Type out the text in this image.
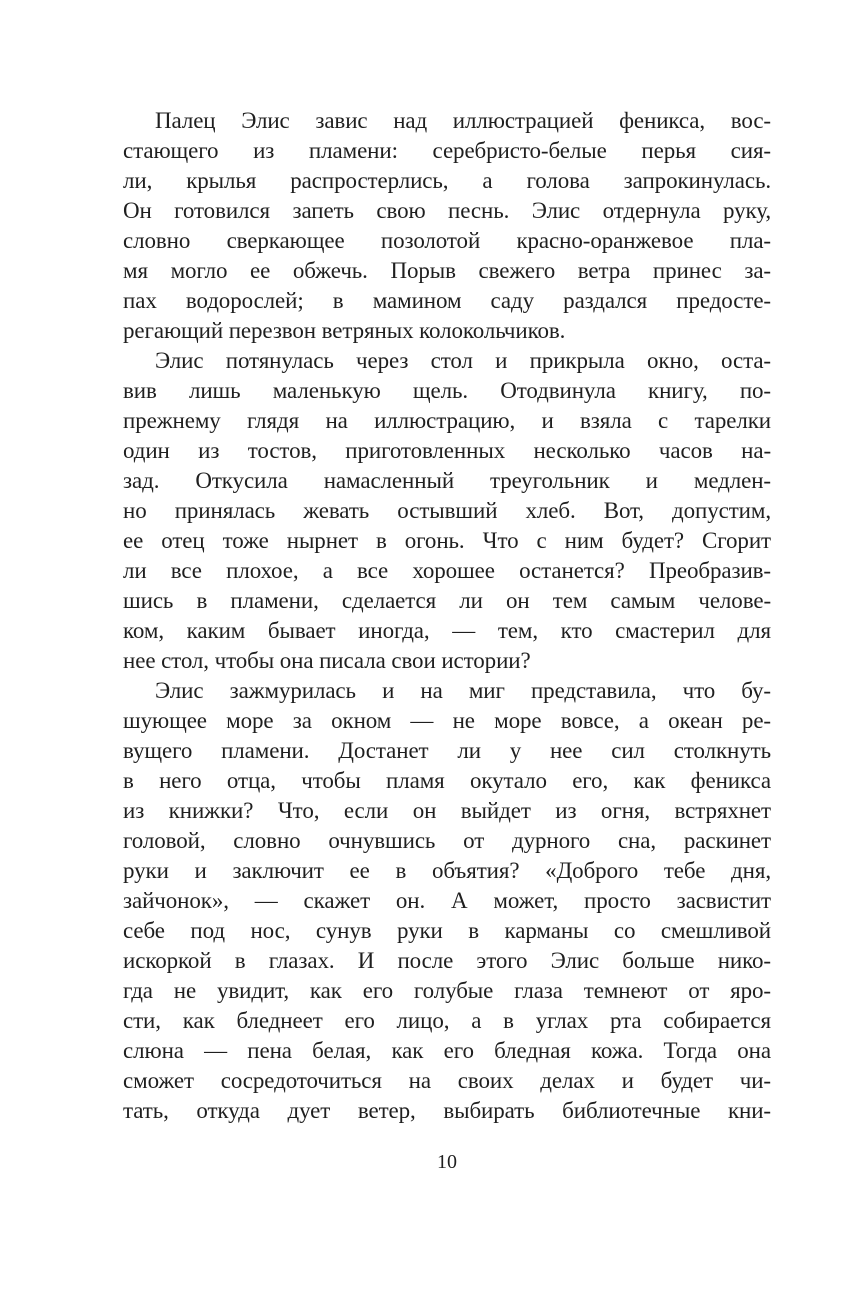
Палец Элис завис над иллюстрацией феникса, вос-
стающего из пламени: серебристо-белые перья сия-
ли, крылья распростерлись, а голова запрокинулась.
Он готовился запеть свою песнь. Элис отдернула руку,
словно сверкающее позолотой красно-оранжевое пла-
мя могло ее обжечь. Порыв свежего ветра принес за-
пах водорослей; в мамином саду раздался предосте-
регающий перезвон ветряных колокольчиков.
Элис потянулась через стол и прикрыла окно, оста-
вив лишь маленькую щель. Отодвинула книгу, по-
прежнему глядя на иллюстрацию, и взяла с тарелки
один из тостов, приготовленных несколько часов на-
зад. Откусила намасленный треугольник и медлен-
но принялась жевать остывший хлеб. Вот, допустим,
ее отец тоже нырнет в огонь. Что с ним будет? Сгорит
ли все плохое, а все хорошее останется? Преобразив-
шись в пламени, сделается ли он тем самым челове-
ком, каким бывает иногда, — тем, кто смастерил для
нее стол, чтобы она писала свои истории?
Элис зажмурилась и на миг представила, что бу-
шующее море за окном — не море вовсе, а океан ре-
вущего пламени. Достанет ли у нее сил столкнуть
в него отца, чтобы пламя окутало его, как феникса
из книжки? Что, если он выйдет из огня, встряхнет
головой, словно очнувшись от дурного сна, раскинет
руки и заключит ее в объятия? «Доброго тебе дня,
зайчонок», — скажет он. А может, просто засвистит
себе под нос, сунув руки в карманы со смешливой
искоркой в глазах. И после этого Элис больше нико-
гда не увидит, как его голубые глаза темнеют от яро-
сти, как бледнеет его лицо, а в углах рта собирается
слюна — пена белая, как его бледная кожа. Тогда она
сможет сосредоточиться на своих делах и будет чи-
тать, откуда дует ветер, выбирать библиотечные кни-
10
